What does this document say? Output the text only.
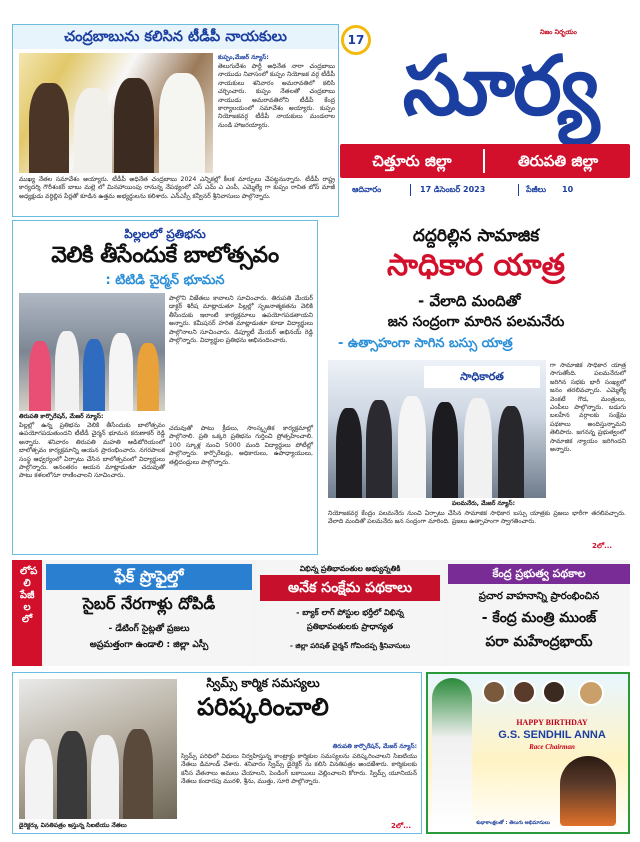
చంద్రబాబును కలిసిన టీడీపీ నాయకులు
కుప్పం,మేజర్ న్యూస్:
తెలుగుదేశం పార్టీ అధినేత నారా చంద్రబాబు నాయుడు నివాసంలో కుప్పం నియోజక వర్గ టీడీపీ నాయకులు శనివారం అమరావతిలో కలిసి చర్చించారు. కుప్పం నేతలతో చంద్రబాబు నాయుడు అమరావతిలోని టీడీపీ కేంద్ర కార్యాలయంలో సమావేశం అయ్యారు. కుప్పం నియోజకవర్గ టీడీపీ నాయకులు మండలాల నుండి హాజరయ్యారు.
ముఖ్య నేతల సమావేశం అయ్యారు. టీడీపీ అధినేత చంద్రబాబు 2024 ఎన్నికల్లో కీలక మార్పులు చేపట్టనున్నారు. టీడీపీ రాష్ట్ర కార్యదర్శి గౌరీశంకర్ బాబు మల్లె లో మినహాయింపు రానున్న నేపథ్యంలో ఎస్ ఎమ్ ఎ ఎంపీ, ఎమ్మెల్యే గా కుప్పం రానిత బోస్ మాజీ అధ్యక్షుడు వర్ధిల్లిన పేర్లతో కూడిన ఉత్తమ అభ్యర్థులను కలిశారు. ఎన్ఎస్సీ కన్వీనర్ శ్రీనివాసులు పాల్గొన్నారు.
17
నిజం నిర్భయం
సూర్య
చిత్తూరు జిల్లా	తిరుపతి జిల్లా
ఆదివారం	17 డిసెంబర్ 2023	పేజీలు 10
పిల్లలలో ప్రతిభను
వెలికి తీసేందుకే బాలోత్సవం
: టిటిడి చైర్మన్ భూమన
తిరుపతి కార్పొరేషన్, మేజర్ న్యూస్:
పాల్గొని విజేతలు కావాలని సూచించారు. తిరుపతి మేయర్ డాక్టర్ శిరీష మాట్లాడుతూ పిల్లల్లో సృజనాత్మకతను వెలికి తీసేందుకు ఇలాంటి కార్యక్రమాలు ఉపయోగపడతాయని అన్నారు. కమీషనర్ హరిత మాట్లాడుతూ కూడా విద్యార్థులు పాల్గొనాలని సూచించారు. డిప్యూటీ మేయర్ అభినయ్ రెడ్డి పాల్గొన్నారు. విద్యార్థుల ప్రతిభను అభినందించారు.
పిల్లల్లో ఉన్న ప్రతిభను వెలికి తీసేందుకు బాలోత్సవం ఉపయోగపడుతుందని టీటీడీ చైర్మన్ భూమన కరుణాకర్ రెడ్డి అన్నారు. శనివారం తిరుపతి మహతి ఆడిటోరియంలో బాలోత్సవం కార్యక్రమాన్ని ఆయన ప్రారంభించారు. నగరపాలక సంస్థ ఆధ్వర్యంలో ఏర్పాటు చేసిన బాలోత్సవంలో విద్యార్థులు పాల్గొన్నారు. అనంతరం ఆయన మాట్లాడుతూ చదువుతో పాటు కళలలోనూ రాణించాలని సూచించారు.
చదువుతో పాటు క్రీడలు, సాంస్కృతిక కార్యక్రమాల్లో పాల్గొనాలి. ప్రతి ఒక్కరి ప్రతిభను గుర్తించి ప్రోత్సహించాలి. 100 స్కూళ్ల నుంచి 5000 మంది విద్యార్థులు పోటీల్లో పాల్గొన్నారు. కార్పొరేటర్లు, అధికారులు, ఉపాధ్యాయులు, తల్లిదండ్రులు పాల్గొన్నారు.
దద్దరిల్లిన సామాజిక
సాధికార యాత్ర
- వేలాది మందితో
జన సంద్రంగా మారిన పలమనేరు
- ఉత్సాహంగా సాగిన బస్సు యాత్ర
సాధికారత
పలమనేరు, మేజర్ న్యూస్:
గా సామాజిక సాధికార యాత్ర సాగుతోంది. పలమనేరులో జరిగిన సభకు భారీ సంఖ్యలో జనం తరలివచ్చారు. ఎమ్మెల్యే వెంకటే గౌడ, మంత్రులు, ఎంపీలు పాల్గొన్నారు. బడుగు బలహీన వర్గాలకు సంక్షేమ పథకాలు అందిస్తున్నామని తెలిపారు. జగనన్న ప్రభుత్వంలో సామాజిక న్యాయం జరిగిందని అన్నారు.
నియోజకవర్గ కేంద్రం పలమనేరు నుంచి ఏర్పాటు చేసిన సామాజిక సాధికార బస్సు యాత్రకు ప్రజలు భారీగా తరలివచ్చారు. వేలాది మందితో పలమనేరు జన సంద్రంగా మారింది. ప్రజలు ఉత్సాహంగా స్వాగతించారు.
2లో...
లోపలి పేజీలలో
ఫేక్ ప్రొఫైల్తో
సైబర్ నేరగాళ్లు దోపిడీ
- డేటింగ్ సైట్లతో ప్రజలు
అప్రమత్తంగా ఉండాలి : జిల్లా ఎస్పీ
విభిన్న ప్రతిభావంతుల అభ్యున్నతికి
అనేక సంక్షేమ పథకాలు
- బ్యాక్ లాగ్ పోస్టుల భర్తీలో విభిన్న
ప్రతిభావంతులకు ప్రాధాన్యత
- జిల్లా పరిషత్ చైర్మన్ గోవిందప్ప శ్రీనివాసులు
కేంద్ర ప్రభుత్వ పథకాల
ప్రచార వాహనాన్ని ప్రారంభించిన
- కేంద్ర మంత్రి ముంజ్
పరా మహేంద్రభాయ్
స్విమ్స్ కార్మిక సమస్యలు
పరిష్కరించాలి
డైరెక్టర్కు వినతిపత్రం ఇస్తున్న సిఐటియు నేతలు
తిరుపతి కార్పొరేషన్, మేజర్ న్యూస్:
స్విమ్స్ పరిధిలో విధులు నిర్వహిస్తున్న కాంట్రాక్టు కార్మికుల సమస్యలను పరిష్కరించాలని సిఐటియు నేతలు డిమాండ్ చేశారు. శనివారం స్విమ్స్ డైరెక్టర్ ను కలిసి వినతిపత్రం అందజేశారు. కార్మికులకు కనీస వేతనాలు అమలు చేయాలని, పెండింగ్ బకాయిలు చెల్లించాలని కోరారు. స్విమ్స్ యూనియన్ నేతలు కందారపు మురళి, శ్రీను, ముత్తు, సూరి పాల్గొన్నారు.
2లో...
HAPPY BIRTHDAY
G.S. SENDHIL ANNA
Race Chairman
శుభాకాంక్షలతో : తెలుగు అభిమానులు
